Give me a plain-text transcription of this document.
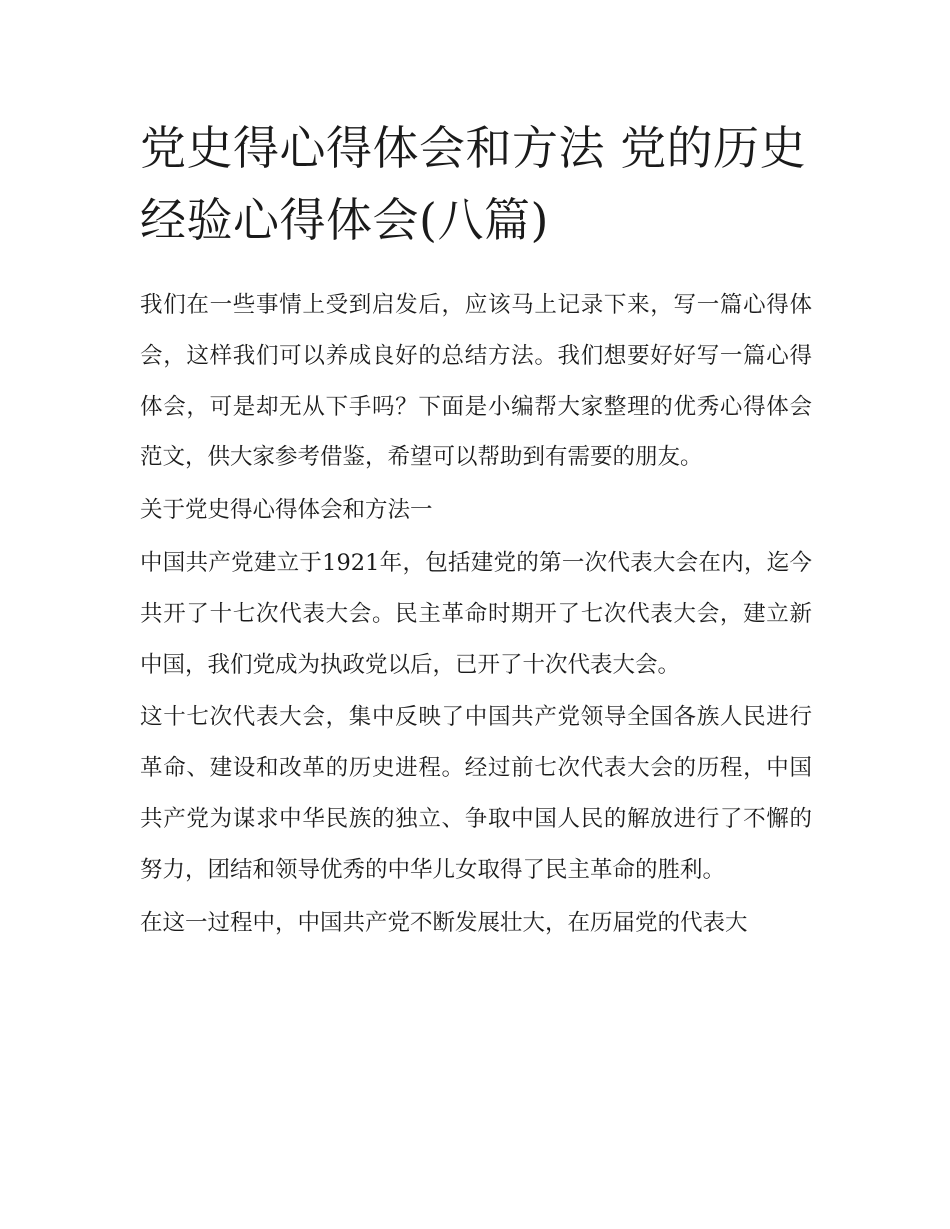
党史得心得体会和方法 党的历史经验心得体会(八篇)

我们在一些事情上受到启发后，应该马上记录下来，写一篇心得体会，这样我们可以养成良好的总结方法。我们想要好好写一篇心得体会，可是却无从下手吗？下面是小编帮大家整理的优秀心得体会范文，供大家参考借鉴，希望可以帮助到有需要的朋友。

关于党史得心得体会和方法一

中国共产党建立于1921年，包括建党的第一次代表大会在内，迄今共开了十七次代表大会。民主革命时期开了七次代表大会，建立新中国，我们党成为执政党以后，已开了十次代表大会。

这十七次代表大会，集中反映了中国共产党领导全国各族人民进行革命、建设和改革的历史进程。经过前七次代表大会的历程，中国共产党为谋求中华民族的独立、争取中国人民的解放进行了不懈的努力，团结和领导优秀的中华儿女取得了民主革命的胜利。

在这一过程中，中国共产党不断发展壮大，在历届党的代表大
